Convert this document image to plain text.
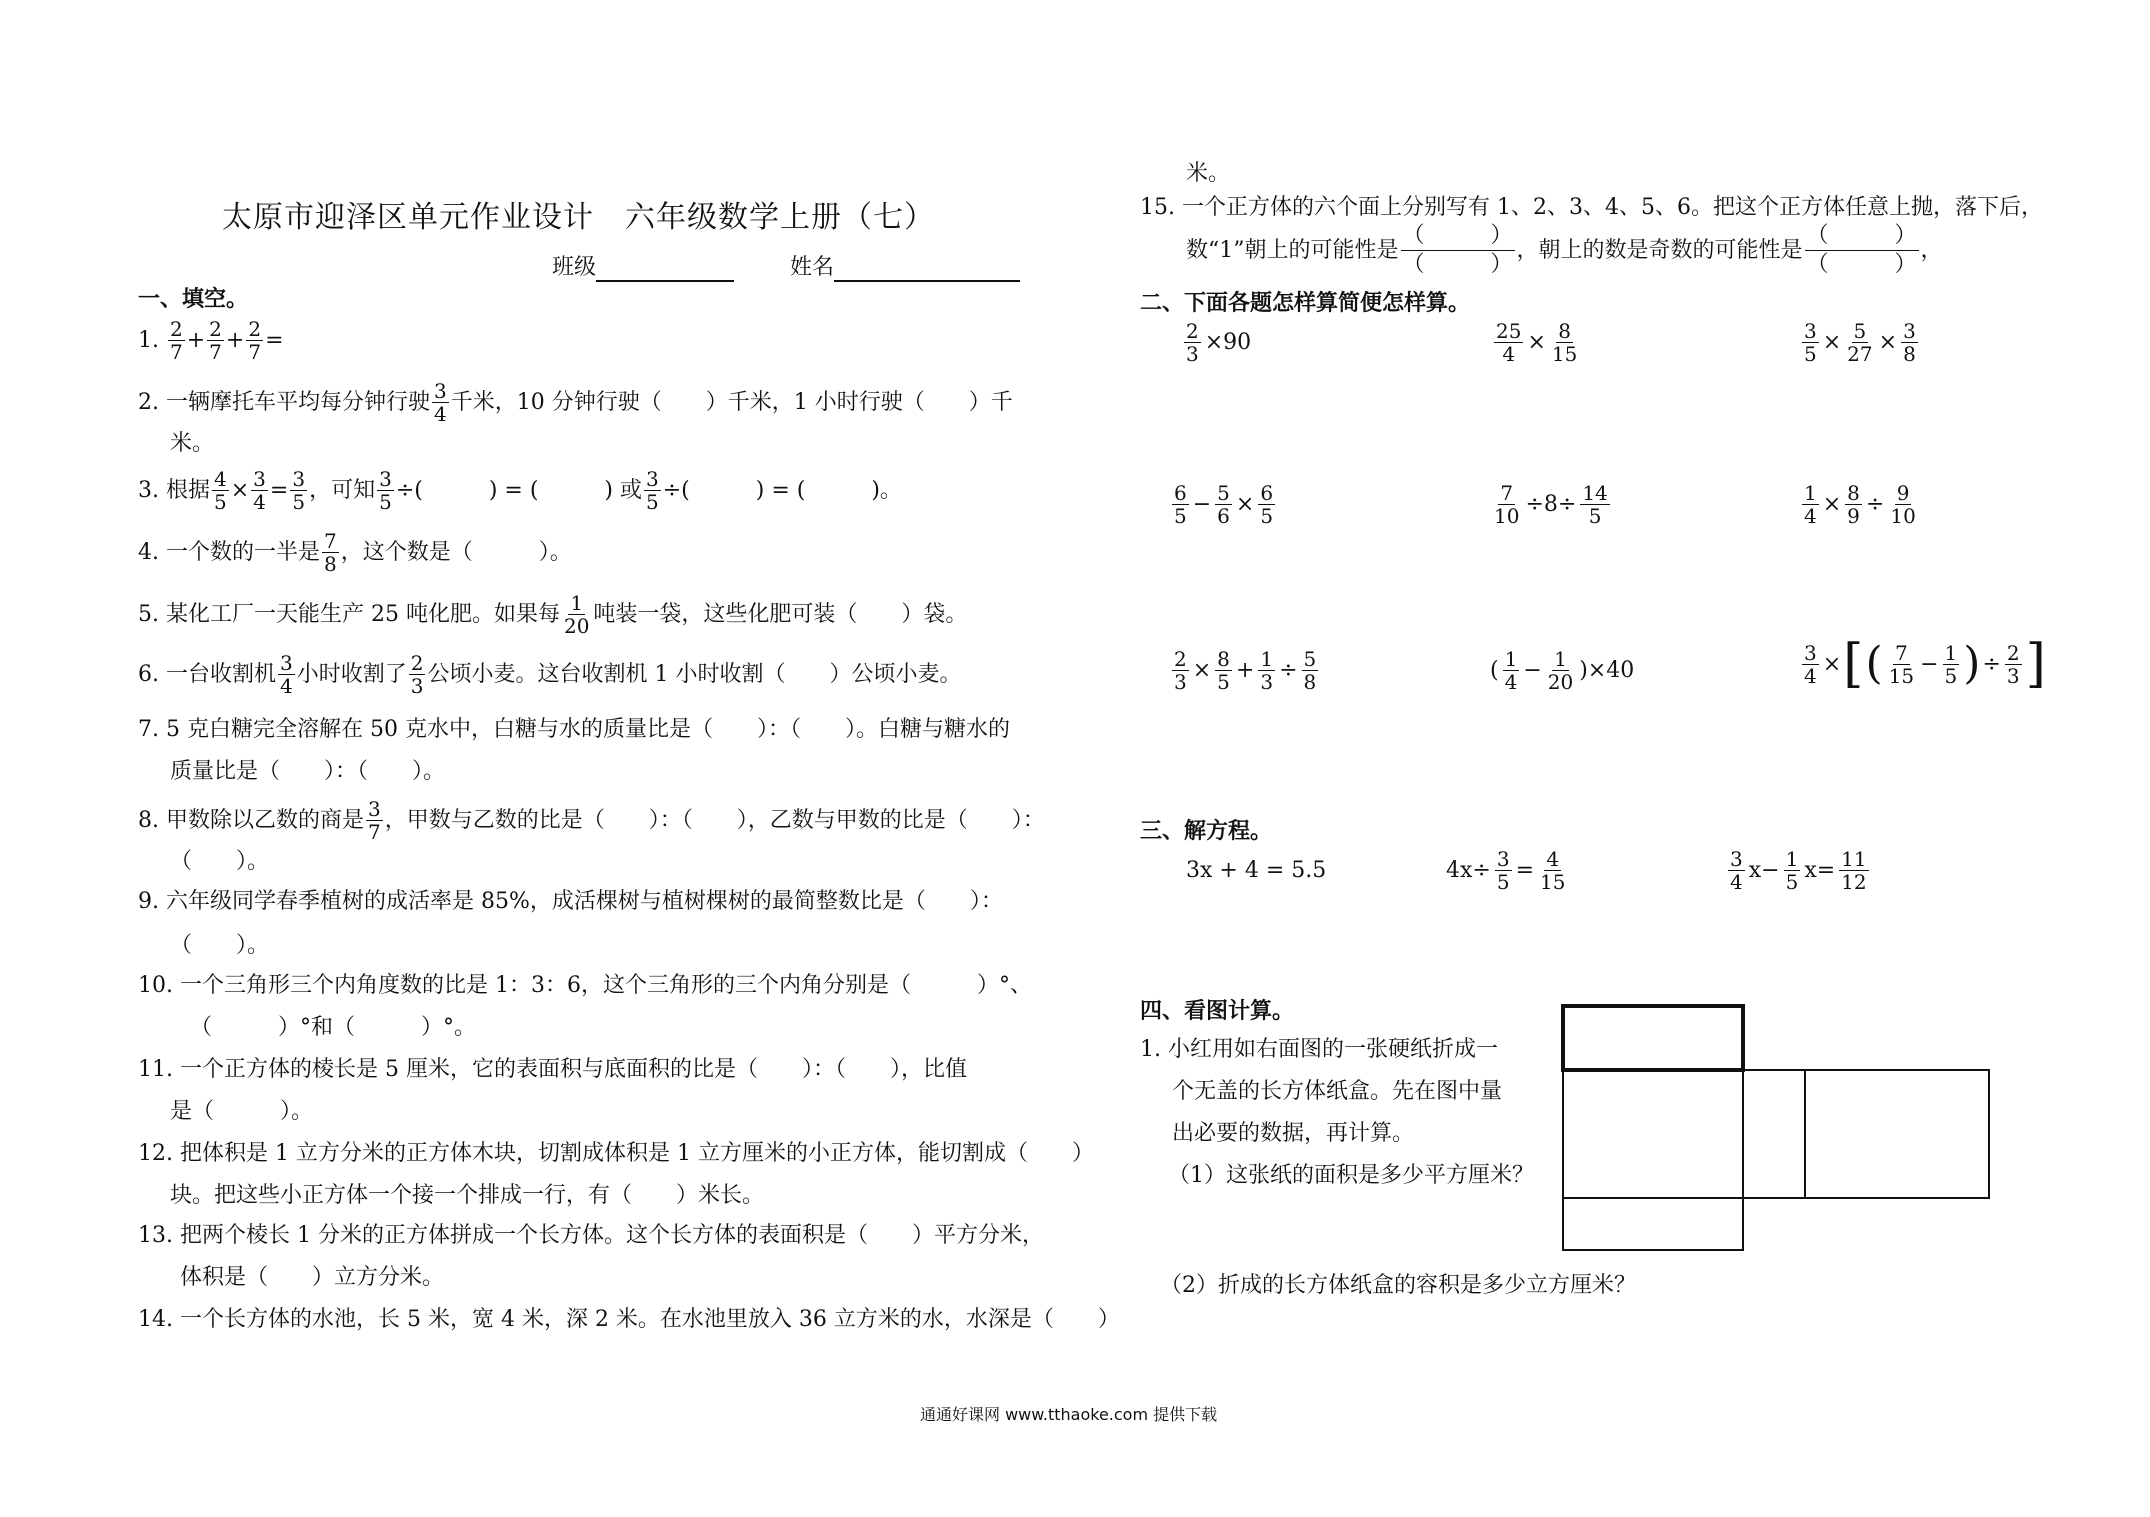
太原市迎泽区单元作业设计　六年级数学上册（七）
班级	姓名
一、填空。
1.
$\frac{2}{7} + \frac{2}{7} + \frac{2}{7}$ =
2. 一辆摩托车平均每分钟行驶 $\frac{3}{4}$ 千米，10 分钟行驶（　　）千米，1 小时行驶（　　）千
米。
3. 根据 $\frac{4}{5} \times \frac{3}{4} = \frac{3}{5}$ ，可知 $\frac{3}{5}$ ÷(　　　) = (　　　) 或 $\frac{3}{5}$ ÷(　　　) = (　　　)。
4. 一个数的一半是 $\frac{7}{8}$ ，这个数是（　　　）。
5. 某化工厂一天能生产 25 吨化肥。如果每 $\frac{1}{20}$ 吨装一袋，这些化肥可装（　　）袋。
6. 一台收割机 $\frac{3}{4}$ 小时收割了 $\frac{2}{3}$ 公顷小麦。这台收割机 1 小时收割（　　）公顷小麦。
7. 5 克白糖完全溶解在 50 克水中，白糖与水的质量比是（　　）：（　　）。白糖与糖水的
质量比是（　　）：（　　）。
8. 甲数除以乙数的商是 $\frac{3}{7}$ ，甲数与乙数的比是（　　）：（　　），乙数与甲数的比是（　　）：
（　　）。
9. 六年级同学春季植树的成活率是 85%，成活棵树与植树棵树的最简整数比是（　　）：
（　　）。
10. 一个三角形三个内角度数的比是 1：3：6，这个三角形的三个内角分别是（　　　）°、
（　　　）°和（　　　）°。
11. 一个正方体的棱长是 5 厘米，它的表面积与底面积的比是（　　）：（　　），比值
是（　　　）。
12. 把体积是 1 立方分米的正方体木块，切割成体积是 1 立方厘米的小正方体，能切割成（　　）
块。把这些小正方体一个接一个排成一行，有（　　）米长。
13. 把两个棱长 1 分米的正方体拼成一个长方体。这个长方体的表面积是（　　）平方分米，
体积是（　　）立方分米。
14. 一个长方体的水池，长 5 米，宽 4 米，深 2 米。在水池里放入 36 立方米的水，水深是（　　）
米。
15. 一个正方体的六个面上分别写有 1、2、3、4、5、6。把这个正方体任意上抛，落下后，
数“1”朝上的可能性是 $\frac{( )}{( )}$ ，朝上的数是奇数的可能性是 $\frac{( )}{( )}$ ，
二、下面各题怎样算简便怎样算。
$\frac{2}{3} \times 90$	$\frac{25}{4} \times \frac{8}{15}$	$\frac{3}{5} \times \frac{5}{27} \times \frac{3}{8}$
$\frac{6}{5} - \frac{5}{6} \times \frac{6}{5}$	$\frac{7}{10} \div 8\div \frac{14}{5}$	$\frac{1}{4} \times \frac{8}{9} \div \frac{9}{10}$
$\frac{2}{3} \times \frac{8}{5} + \frac{1}{3} \div \frac{5}{8}$	( $\frac{1}{4} - \frac{1}{20} )\times 40$	$\frac{3}{4}$ × [ ( $\frac{7}{15} - \frac{1}{5}$ ) ÷ $\frac{2}{3}$ ]
三、解方程。
3x + 4 = 5.5	$4x\div \frac{3}{5} = \frac{4}{15}$	$\frac{3}{4} x- \frac{1}{5} x= \frac{11}{12}$
四、看图计算。
1. 小红用如右面图的一张硬纸折成一
个无盖的长方体纸盒。先在图中量
出必要的数据，再计算。
（1）这张纸的面积是多少平方厘米？
（2）折成的长方体纸盒的容积是多少立方厘米？
通通好课网 www.tthaoke.com 提供下载
